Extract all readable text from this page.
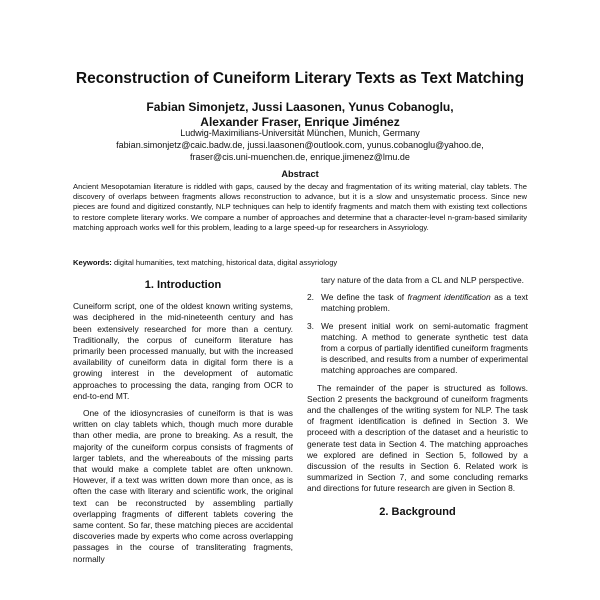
Reconstruction of Cuneiform Literary Texts as Text Matching
Fabian Simonjetz, Jussi Laasonen, Yunus Cobanoglu,
Alexander Fraser, Enrique Jiménez
Ludwig-Maximilians-Universität München, Munich, Germany
fabian.simonjetz@caic.badw.de, jussi.laasonen@outlook.com, yunus.cobanoglu@yahoo.de,
fraser@cis.uni-muenchen.de, enrique.jimenez@lmu.de
Abstract
Ancient Mesopotamian literature is riddled with gaps, caused by the decay and fragmentation of its writing material, clay tablets. The discovery of overlaps between fragments allows reconstruction to advance, but it is a slow and unsystematic process. Since new pieces are found and digitized constantly, NLP techniques can help to identify fragments and match them with existing text collections to restore complete literary works. We compare a number of approaches and determine that a character-level n-gram-based similarity matching approach works well for this problem, leading to a large speed-up for researchers in Assyriology.
Keywords: digital humanities, text matching, historical data, digital assyriology
1. Introduction

Cuneiform script, one of the oldest known writing systems, was deciphered in the mid-nineteenth century and has been extensively researched for more than a century. Traditionally, the corpus of cuneiform literature has primarily been processed manually, but with the increased availability of cuneiform data in digital form there is a growing interest in the development of automatic approaches to processing the data, ranging from OCR to end-to-end MT.

One of the idiosyncrasies of cuneiform is that is was written on clay tablets which, though much more durable than other media, are prone to breaking. As a result, the majority of the cuneiform corpus consists of fragments of larger tablets, and the whereabouts of the missing parts that would make a complete tablet are often unknown. However, if a text was written down more than once, as is often the case with literary and scientific work, the original text can be reconstructed by assembling partially overlapping fragments of different tablets covering the same content. So far, these matching pieces are accidental discoveries made by experts who come across overlapping passages in the course of transliterating fragments, normally

tary nature of the data from a CL and NLP perspective.
2. We define the task of fragment identification as a text matching problem.
3. We present initial work on semi-automatic fragment matching. A method to generate synthetic test data from a corpus of partially identified cuneiform fragments is described, and results from a number of experimental matching approaches are compared.

The remainder of the paper is structured as follows. Section 2 presents the background of cuneiform fragments and the challenges of the writing system for NLP. The task of fragment identification is defined in Section 3. We proceed with a description of the dataset and a heuristic to generate test data in Section 4. The matching approaches we explored are defined in Section 5, followed by a discussion of the results in Section 6. Related work is summarized in Section 7, and some concluding remarks and directions for future research are given in Section 8.

2. Background
